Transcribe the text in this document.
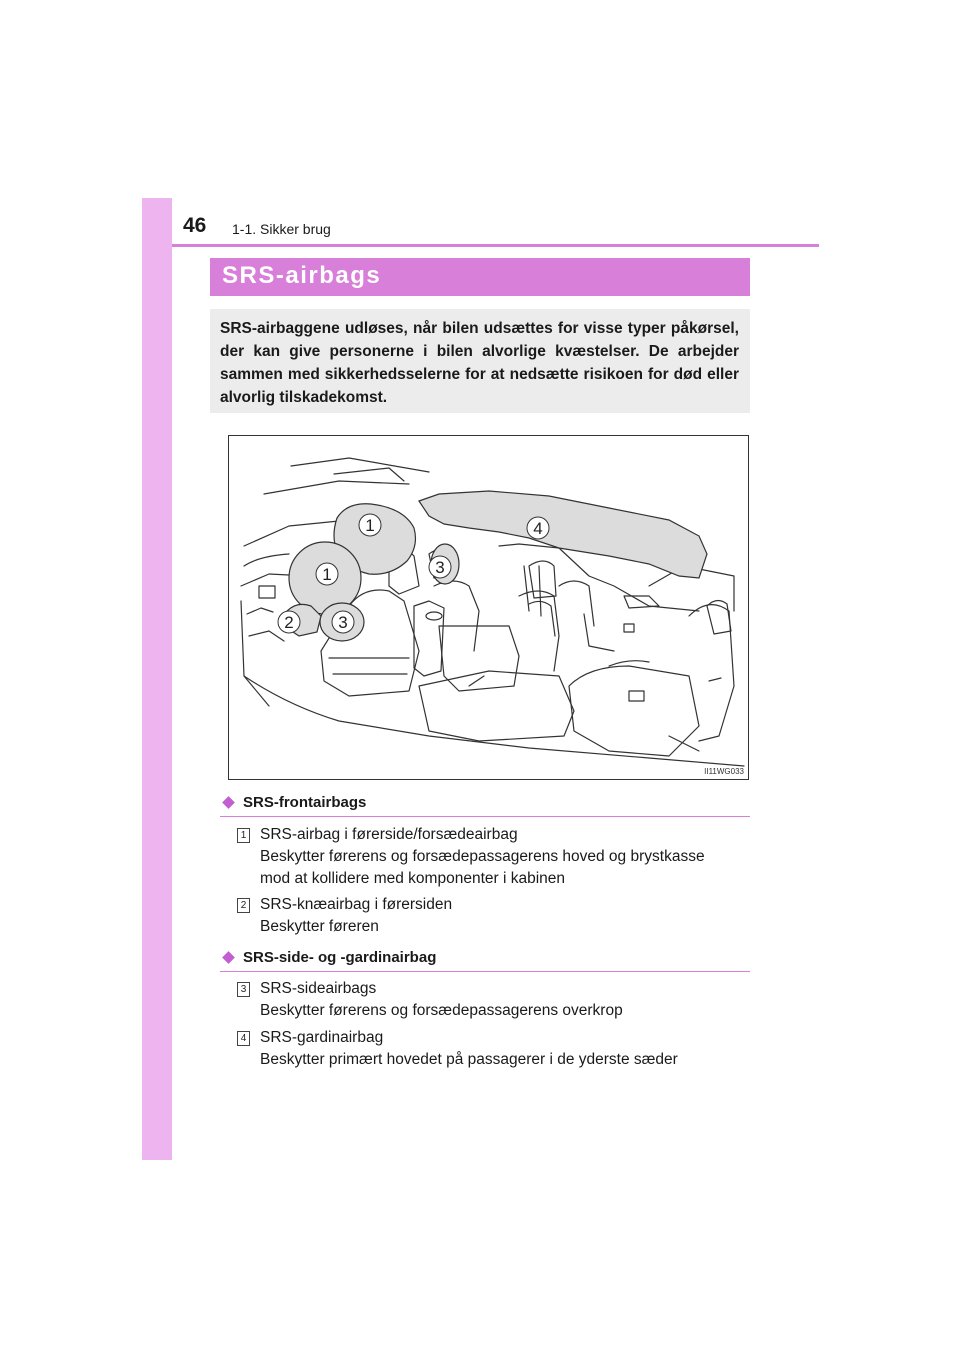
46 1-1. Sikker brug
SRS-airbags

SRS-airbaggene udløses, når bilen udsættes for visse typer påkørsel, der kan give personerne i bilen alvorlige kvæstelser. De arbejder sammen med sikkerhedsselerne for at nedsætte risikoen for død eller alvorlig tilskadekomst.

1	4
1	3
2	3
II11WG033
SRS-frontairbags
1 SRS-airbag i førerside/forsædeairbag
Beskytter førerens og forsædepassagerens hoved og brystkasse
mod at kollidere med komponenter i kabinen
2 SRS-knæairbag i førersiden
Beskytter føreren
SRS-side- og -gardinairbag
3 SRS-sideairbags
Beskytter førerens og forsædepassagerens overkrop
4 SRS-gardinairbag
Beskytter primært hovedet på passagerer i de yderste sæder
